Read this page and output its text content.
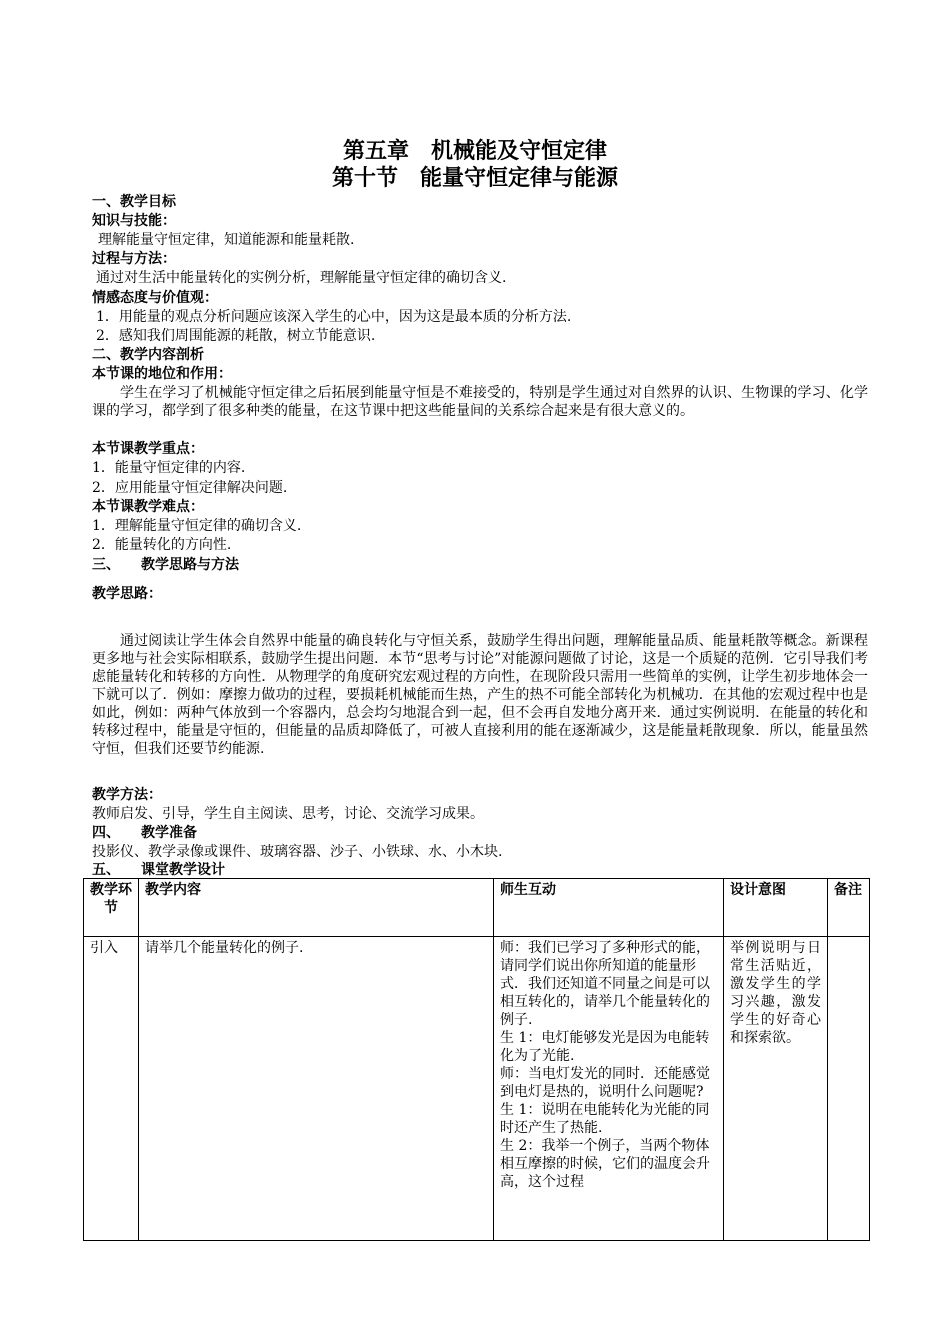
第五章　机械能及守恒定律
第十节　能量守恒定律与能源
一、教学目标
知识与技能：
理解能量守恒定律，知道能源和能量耗散.
过程与方法：
通过对生活中能量转化的实例分析，理解能量守恒定律的确切含义.
情感态度与价值观：
1．用能量的观点分析问题应该深入学生的心中，因为这是最本质的分析方法.
2．感知我们周围能源的耗散，树立节能意识.
二、教学内容剖析
本节课的地位和作用：
学生在学习了机械能守恒定律之后拓展到能量守恒是不难接受的，特别是学生通过对自然界的认识、生物课的学习、化学课的学习，都学到了很多种类的能量，在这节课中把这些能量间的关系综合起来是有很大意义的。
本节课教学重点：
1．能量守恒定律的内容.
2．应用能量守恒定律解决问题.
本节课教学难点：
1．理解能量守恒定律的确切含义.
2．能量转化的方向性.
三、　　教学思路与方法
教学思路：
通过阅读让学生体会自然界中能量的确良转化与守恒关系，鼓励学生得出问题，理解能量品质、能量耗散等概念。新课程更多地与社会实际相联系，鼓励学生提出问题．本节“思考与讨论”对能源问题做了讨论，这是一个质疑的范例．它引导我们考虑能量转化和转移的方向性．从物理学的角度研究宏观过程的方向性，在现阶段只需用一些简单的实例，让学生初步地体会一下就可以了．例如：摩擦力做功的过程，要损耗机械能而生热，产生的热不可能全部转化为机械功．在其他的宏观过程中也是如此，例如：两种气体放到一个容器内，总会均匀地混合到一起，但不会再自发地分离开来．通过实例说明．在能量的转化和转移过程中，能量是守恒的，但能量的品质却降低了，可被人直接利用的能在逐渐减少，这是能量耗散现象．所以，能量虽然守恒，但我们还要节约能源.
教学方法：
教师启发、引导，学生自主阅读、思考，讨论、交流学习成果。
四、　　教学准备
投影仪、教学录像或课件、玻璃容器、沙子、小铁球、水、小木块.
五、　　课堂教学设计
教学环节	教学内容	师生互动	设计意图	备注
引入	请举几个能量转化的例子.	师：我们已学习了多种形式的能，请同学们说出你所知道的能量形式．我们还知道不同量之间是可以相互转化的，请举几个能量转化的例子.
生 1：电灯能够发光是因为电能转化为了光能.
师：当电灯发光的同时．还能感觉到电灯是热的，说明什么问题呢?
生 1：说明在电能转化为光能的同时还产生了热能.
生 2：我举一个例子，当两个物体相互摩擦的时候，它们的温度会升高，这个过程	举例说明与日常生活贴近，激发学生的学习兴趣，激发学生的好奇心和探索欲。	
